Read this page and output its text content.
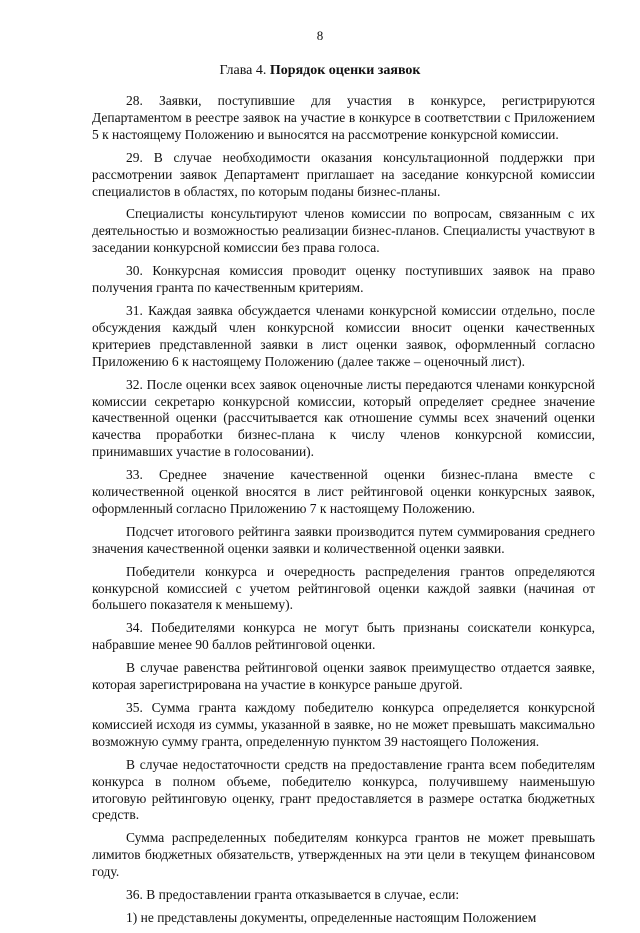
8
Глава 4. Порядок оценки заявок

28. Заявки, поступившие для участия в конкурсе, регистрируются Департаментом в реестре заявок на участие в конкурсе в соответствии с Приложением 5 к настоящему Положению и выносятся на рассмотрение конкурсной комиссии.

29. В случае необходимости оказания консультационной поддержки при рассмотрении заявок Департамент приглашает на заседание конкурсной комиссии специалистов в областях, по которым поданы бизнес-планы.

Специалисты консультируют членов комиссии по вопросам, связанным с их деятельностью и возможностью реализации бизнес-планов. Специалисты участвуют в заседании конкурсной комиссии без права голоса.

30. Конкурсная комиссия проводит оценку поступивших заявок на право получения гранта по качественным критериям.

31. Каждая заявка обсуждается членами конкурсной комиссии отдельно, после обсуждения каждый член конкурсной комиссии вносит оценки качественных критериев представленной заявки в лист оценки заявок, оформленный согласно Приложению 6 к настоящему Положению (далее также – оценочный лист).

32. После оценки всех заявок оценочные листы передаются членами конкурсной комиссии секретарю конкурсной комиссии, который определяет среднее значение качественной оценки (рассчитывается как отношение суммы всех значений оценки качества проработки бизнес-плана к числу членов конкурсной комиссии, принимавших участие в голосовании).

33. Среднее значение качественной оценки бизнес-плана вместе с количественной оценкой вносятся в лист рейтинговой оценки конкурсных заявок, оформленный согласно Приложению 7 к настоящему Положению.

Подсчет итогового рейтинга заявки производится путем суммирования среднего значения качественной оценки заявки и количественной оценки заявки.

Победители конкурса и очередность распределения грантов определяются конкурсной комиссией с учетом рейтинговой оценки каждой заявки (начиная от большего показателя к меньшему).

34. Победителями конкурса не могут быть признаны соискатели конкурса, набравшие менее 90 баллов рейтинговой оценки.

В случае равенства рейтинговой оценки заявок преимущество отдается заявке, которая зарегистрирована на участие в конкурсе раньше другой.

35. Сумма гранта каждому победителю конкурса определяется конкурсной комиссией исходя из суммы, указанной в заявке, но не может превышать максимально возможную сумму гранта, определенную пунктом 39 настоящего Положения.

В случае недостаточности средств на предоставление гранта всем победителям конкурса в полном объеме, победителю конкурса, получившему наименьшую итоговую рейтинговую оценку, грант предоставляется в размере остатка бюджетных средств.

Сумма распределенных победителям конкурса грантов не может превышать лимитов бюджетных обязательств, утвержденных на эти цели в текущем финансовом году.

36. В предоставлении гранта отказывается в случае, если:

1) не представлены документы, определенные настоящим Положением
